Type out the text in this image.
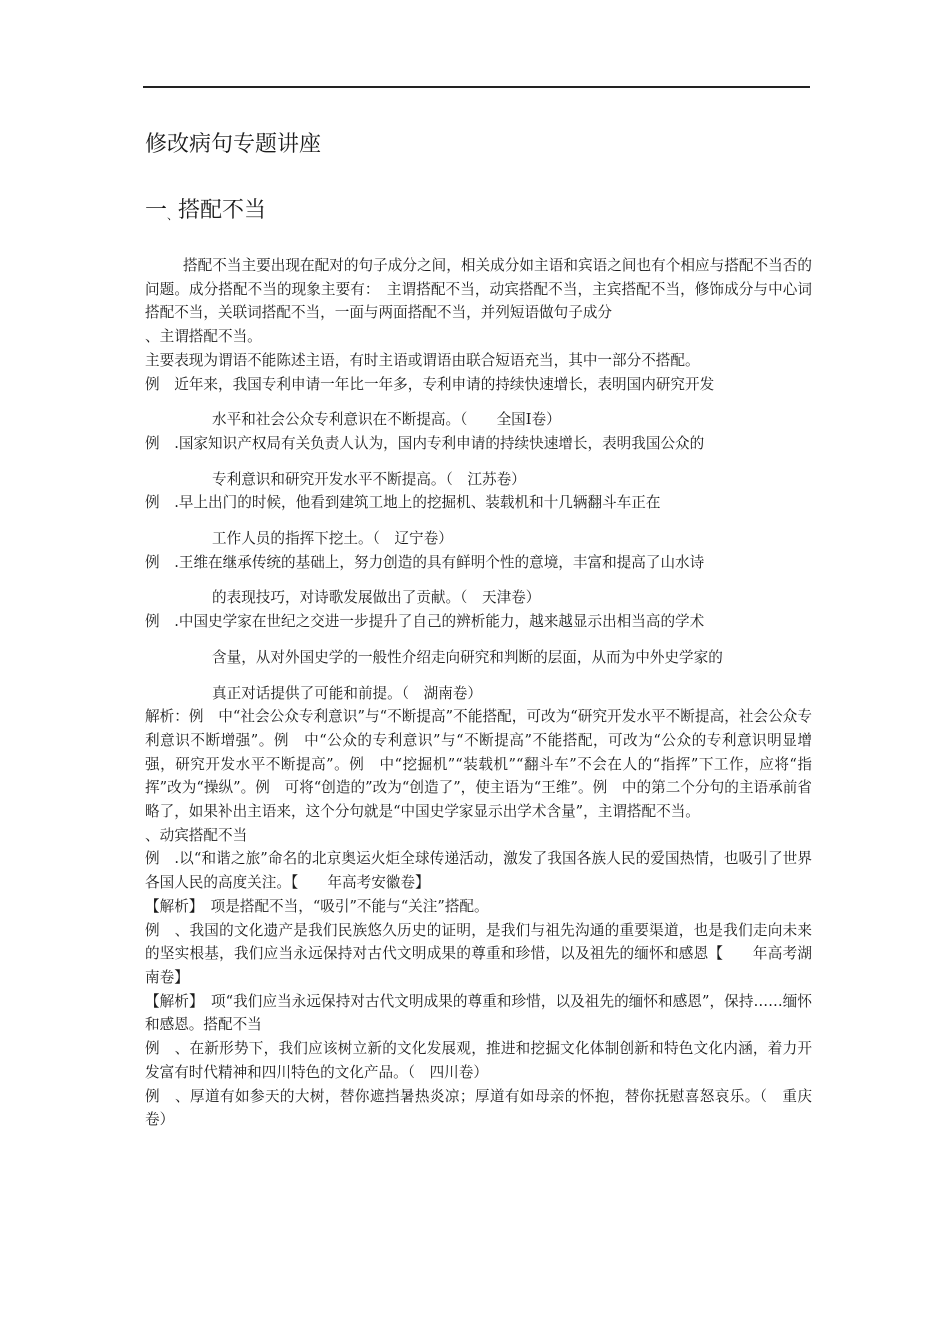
修改病句专题讲座
一、搭配不当

搭配不当主要出现在配对的句子成分之间，相关成分如主语和宾语之间也有个相应与搭配不当否的问题。成分搭配不当的现象主要有：　主谓搭配不当，动宾搭配不当，主宾搭配不当，修饰成分与中心词搭配不当，关联词搭配不当，一面与两面搭配不当，并列短语做句子成分

、主谓搭配不当。

主要表现为谓语不能陈述主语，有时主语或谓语由联合短语充当，其中一部分不搭配。

例　 近年来，我国专利申请一年比一年多，专利申请的持续快速增长，表明国内研究开发

水平和社会公众专利意识在不断提高。（　　全国Ⅰ卷）

例　 .国家知识产权局有关负责人认为，国内专利申请的持续快速增长，表明我国公众的

专利意识和研究开发水平不断提高。（　江苏卷）

例　 .早上出门的时候，他看到建筑工地上的挖掘机、装载机和十几辆翻斗车正在

工作人员的指挥下挖土。（　辽宁卷）

例　 .王维在继承传统的基础上，努力创造的具有鲜明个性的意境，丰富和提高了山水诗

的表现技巧，对诗歌发展做出了贡献。（　天津卷）

例　 .中国史学家在世纪之交进一步提升了自己的辨析能力，越来越显示出相当高的学术

含量，从对外国史学的一般性介绍走向研究和判断的层面，从而为中外史学家的

真正对话提供了可能和前提。（　湖南卷）

解析：例　中“社会公众专利意识”与“不断提高”不能搭配，可改为“研究开发水平不断提高，社会公众专利意识不断增强”。例　中“公众的专利意识”与“不断提高”不能搭配，可改为“公众的专利意识明显增强，研究开发水平不断提高”。例　中“挖掘机”“装载机”“翻斗车”不会在人的“指挥”下工作，应将“指挥”改为“操纵”。例　可将“创造的”改为“创造了”，使主语为“王维”。例　中的第二个分句的主语承前省略了，如果补出主语来，这个分句就是“中国史学家显示出学术含量”，主谓搭配不当。

、动宾搭配不当

例　.以“和谐之旅”命名的北京奥运火炬全球传递活动，激发了我国各族人民的爱国热情，也吸引了世界各国人民的高度关注。【　　年高考安徽卷】

【解析】　项是搭配不当，“吸引”不能与“关注”搭配。

例　、我国的文化遗产是我们民族悠久历史的证明，是我们与祖先沟通的重要渠道，也是我们走向未来的坚实根基，我们应当永远保持对古代文明成果的尊重和珍惜，以及祖先的缅怀和感恩【　　年高考湖南卷】

【解析】　项“我们应当永远保持对古代文明成果的尊重和珍惜，以及祖先的缅怀和感恩”，保持……缅怀和感恩。搭配不当

例　、在新形势下，我们应该树立新的文化发展观，推进和挖掘文化体制创新和特色文化内涵，着力开发富有时代精神和四川特色的文化产品。（　四川卷）

例　、厚道有如参天的大树，替你遮挡暑热炎凉；厚道有如母亲的怀抱，替你抚慰喜怒哀乐。（　重庆卷）
